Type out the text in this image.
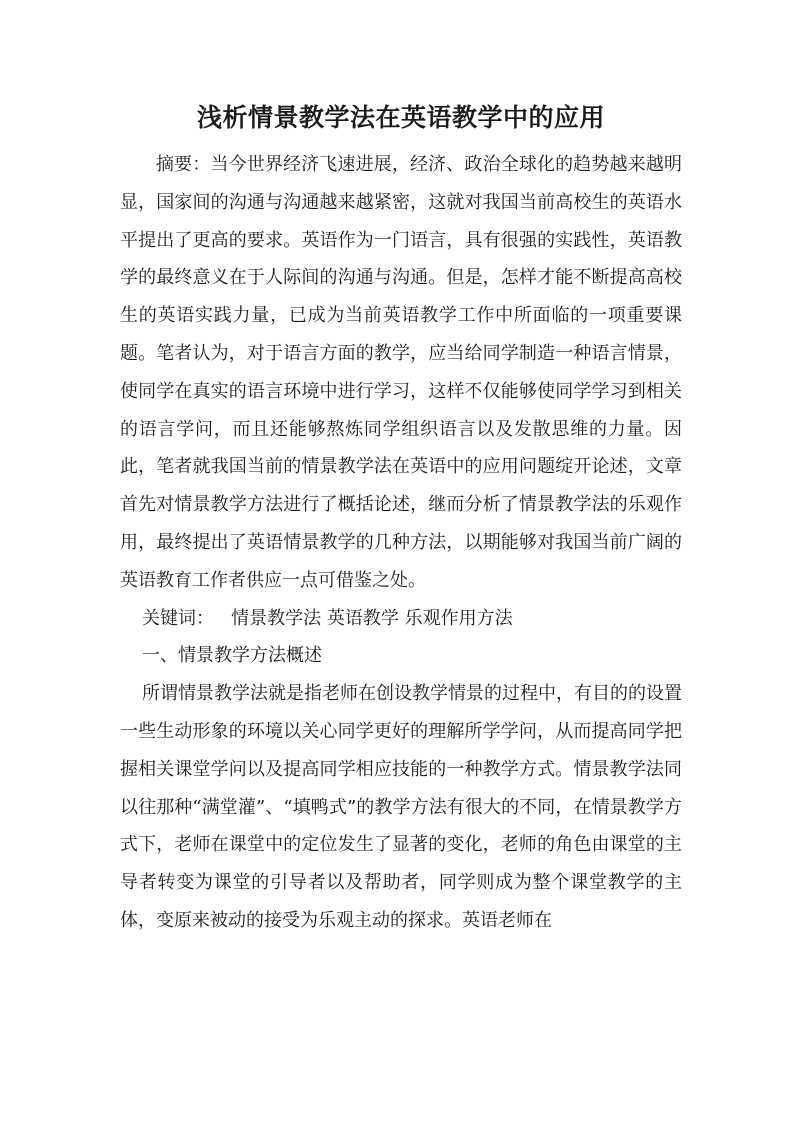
浅析情景教学法在英语教学中的应用

摘要：当今世界经济飞速进展，经济、政治全球化的趋势越来越明显，国家间的沟通与沟通越来越紧密，这就对我国当前高校生的英语水平提出了更高的要求。英语作为一门语言，具有很强的实践性，英语教学的最终意义在于人际间的沟通与沟通。但是，怎样才能不断提高高校生的英语实践力量，已成为当前英语教学工作中所面临的一项重要课题。笔者认为，对于语言方面的教学，应当给同学制造一种语言情景，使同学在真实的语言环境中进行学习，这样不仅能够使同学学习到相关的语言学问，而且还能够熬炼同学组织语言以及发散思维的力量。因此，笔者就我国当前的情景教学法在英语中的应用问题绽开论述，文章首先对情景教学方法进行了概括论述，继而分析了情景教学法的乐观作用，最终提出了英语情景教学的几种方法，以期能够对我国当前广阔的英语教育工作者供应一点可借鉴之处。

关键词： 情景教学法 英语教学 乐观作用方法

一、情景教学方法概述

所谓情景教学法就是指老师在创设教学情景的过程中，有目的的设置一些生动形象的环境以关心同学更好的理解所学学问，从而提高同学把握相关课堂学问以及提高同学相应技能的一种教学方式。情景教学法同以往那种“满堂灌”、“填鸭式”的教学方法有很大的不同，在情景教学方式下，老师在课堂中的定位发生了显著的变化，老师的角色由课堂的主导者转变为课堂的引导者以及帮助者，同学则成为整个课堂教学的主体，变原来被动的接受为乐观主动的探求。英语老师在
